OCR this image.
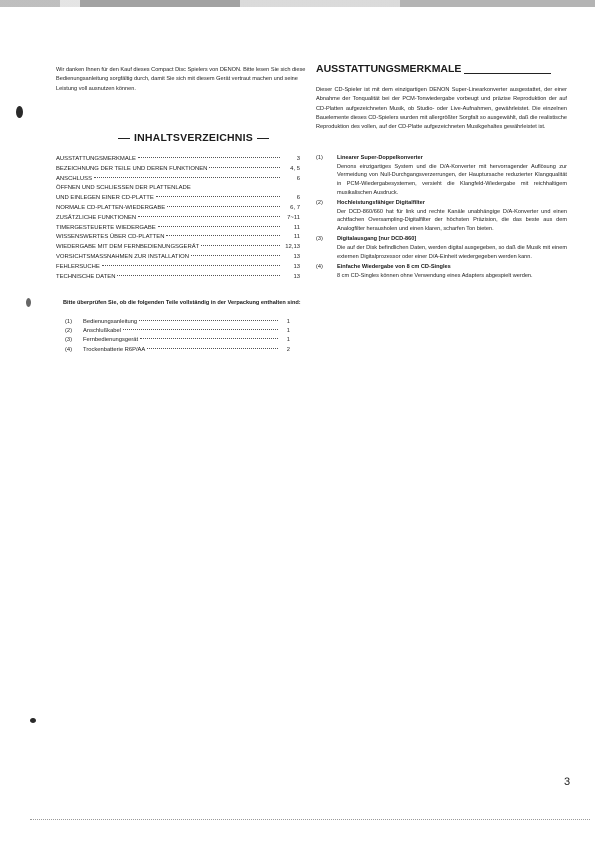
Wir danken Ihnen für den Kauf dieses Compact Disc Spielers von DENON. Bitte lesen Sie sich diese Bedienungsanleitung sorgfältig durch, damit Sie sich mit diesem Gerät vertraut machen und seine Leistung voll ausnutzen können.

INHALTSVERZEICHNIS
AUSSTATTUNGSMERKMALE	3
BEZEICHNUNG DER TEILE UND DEREN FUNKTIONEN	4, 5
ANSCHLUSS	6
ÖFFNEN UND SCHLIESSEN DER PLATTENLADE
UND EINLEGEN EINER CD-PLATTE	6
NORMALE CD-PLATTEN-WIEDERGABE	6, 7
ZUSÄTZLICHE FUNKTIONEN	7~11
TIMERGESTEUERTE WIEDERGABE	11
WISSENSWERTES ÜBER CD-PLATTEN	11
WIEDERGABE MIT DEM FERNBEDIENUNGSGERÄT	12,13
VORSICHTSMASSNAHMEN ZUR INSTALLATION	13
FEHLERSUCHE	13
TECHNISCHE DATEN	13

Bitte überprüfen Sie, ob die folgenden Teile vollständig in der Verpackung enthalten sind:

(1)	Bedienungsanleitung	1
(2)	Anschlußkabel	1
(3)	Fernbedienungsgerät	1
(4)	Trockenbatterie R6P/AA	2
AUSSTATTUNGSMERKMALE

Dieser CD-Spieler ist mit dem einzigartigen DENON Super-Linearkonverter ausgestattet, der einer Abnahme der Tonqualität bei der PCM-Tonwiedergabe vorbeugt und präzise Reproduktion der auf CD-Platten aufgezeichneten Musik, ob Studio- oder Live-Aufnahmen, gewährleistet. Die einzelnen Bauelemente dieses CD-Spielers wurden mit allergrößter Sorgfalt so ausgewählt, daß die realistische Reproduktion des vollen, auf der CD-Platte aufgezeichneten Musikgehaltes gewährleistet ist.

(1)	Linearer Super-Doppelkonverter
Denons einzigartiges System und die D/A-Konverter mit hervorragender Auflösung zur Vermeidung von Null-Durchgangsverzerrungen, der Hauptursache reduzierter Klangqualität in PCM-Wiedergabesystemen, versieht die Klangfeld-Wiedergabe mit reichhaltigem musikalischen Ausdruck.
(2)	Hochleistungsfähiger Digitalfilter
Der DCD-860/660 hat für link und rechte Kanäle unabhängige D/A-Konverter und einen achtfachen Oversampling-Digitalfilter der höchsten Präzision, die das beste aus dem Analogfilter herausholen und einen klaren, scharfen Ton bieten.
(3)	Digitalausgang [nur DCD-860]
Die auf der Disk befindlichen Daten, werden digital ausgegeben, so daß die Musik mit einem externen Digitalprozessor oder einer D/A-Einheit wiedergegeben werden kann.
(4)	Einfache Wiedergabe von 8 cm CD-Singles
8 cm CD-Singles können ohne Verwendung eines Adapters abgespielt werden.

3
